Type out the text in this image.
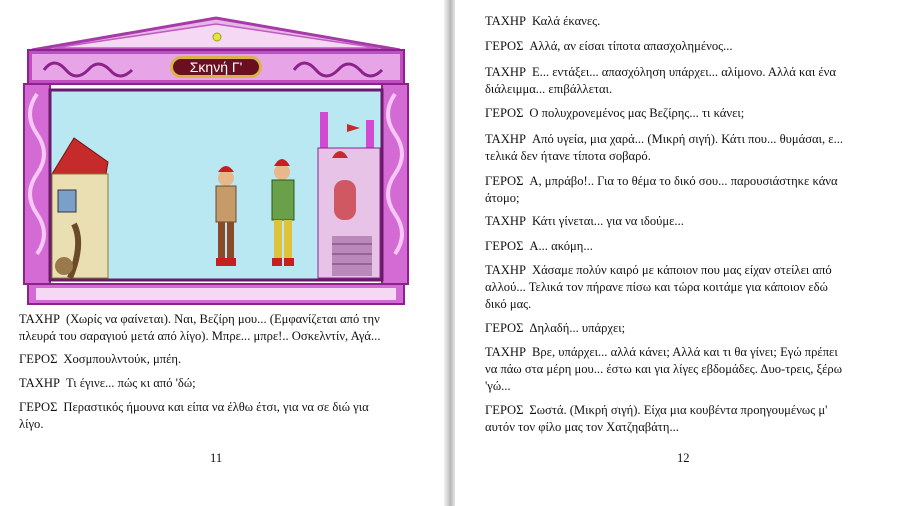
Σκηνή Γ'

ΤΑΧΗΡ (Χωρίς να φαίνεται). Ναι, Βεζίρη μου... (Εμφανίζεται από την
πλευρά του σαραγιού μετά από λίγο). Μπρε... μπρε!.. Οσκελντίν, Αγά...

ΓΕΡΟΣ Χοσμπουλντούκ, μπέη.

ΤΑΧΗΡ Τι έγινε... πώς κι από 'δώ;

ΓΕΡΟΣ Περαστικός ήμουνα και είπα να έλθω έτσι, για να σε διώ για
λίγο.

11
ΤΑΧΗΡ Καλά έκανες.
ΓΕΡΟΣ Αλλά, αν είσαι τίποτα απασχολημένος...
ΤΑΧΗΡ Ε... εντάξει... απασχόληση υπάρχει... αλίμονο. Αλλά και ένα
διάλειμμα... επιβάλλεται.
ΓΕΡΟΣ Ο πολυχρονεμένος μας Βεζίρης... τι κάνει;
ΤΑΧΗΡ Από υγεία, μια χαρά... (Μικρή σιγή). Κάτι που... θυμάσαι, ε...
τελικά δεν ήτανε τίποτα σοβαρό.
ΓΕΡΟΣ Α, μπράβο!.. Για το θέμα το δικό σου... παρουσιάστηκε κάνα
άτομο;
ΤΑΧΗΡ Κάτι γίνεται... για να ιδούμε...
ΓΕΡΟΣ Α... ακόμη...
ΤΑΧΗΡ Χάσαμε πολύν καιρό με κάποιον που μας είχαν στείλει από
αλλού... Τελικά τον πήρανε πίσω και τώρα κοιτάμε για κάποιον εδώ
δικό μας.
ΓΕΡΟΣ Δηλαδή... υπάρχει;
ΤΑΧΗΡ Βρε, υπάρχει... αλλά κάνει; Αλλά και τι θα γίνει; Εγώ πρέπει
να πάω στα μέρη μου... έστω και για λίγες εβδομάδες. Δυο-τρεις, ξέρω
'γώ...
ΓΕΡΟΣ Σωστά. (Μικρή σιγή). Είχα μια κουβέντα προηγουμένως μ'
αυτόν τον φίλο μας τον Χατζηαβάτη...
12
